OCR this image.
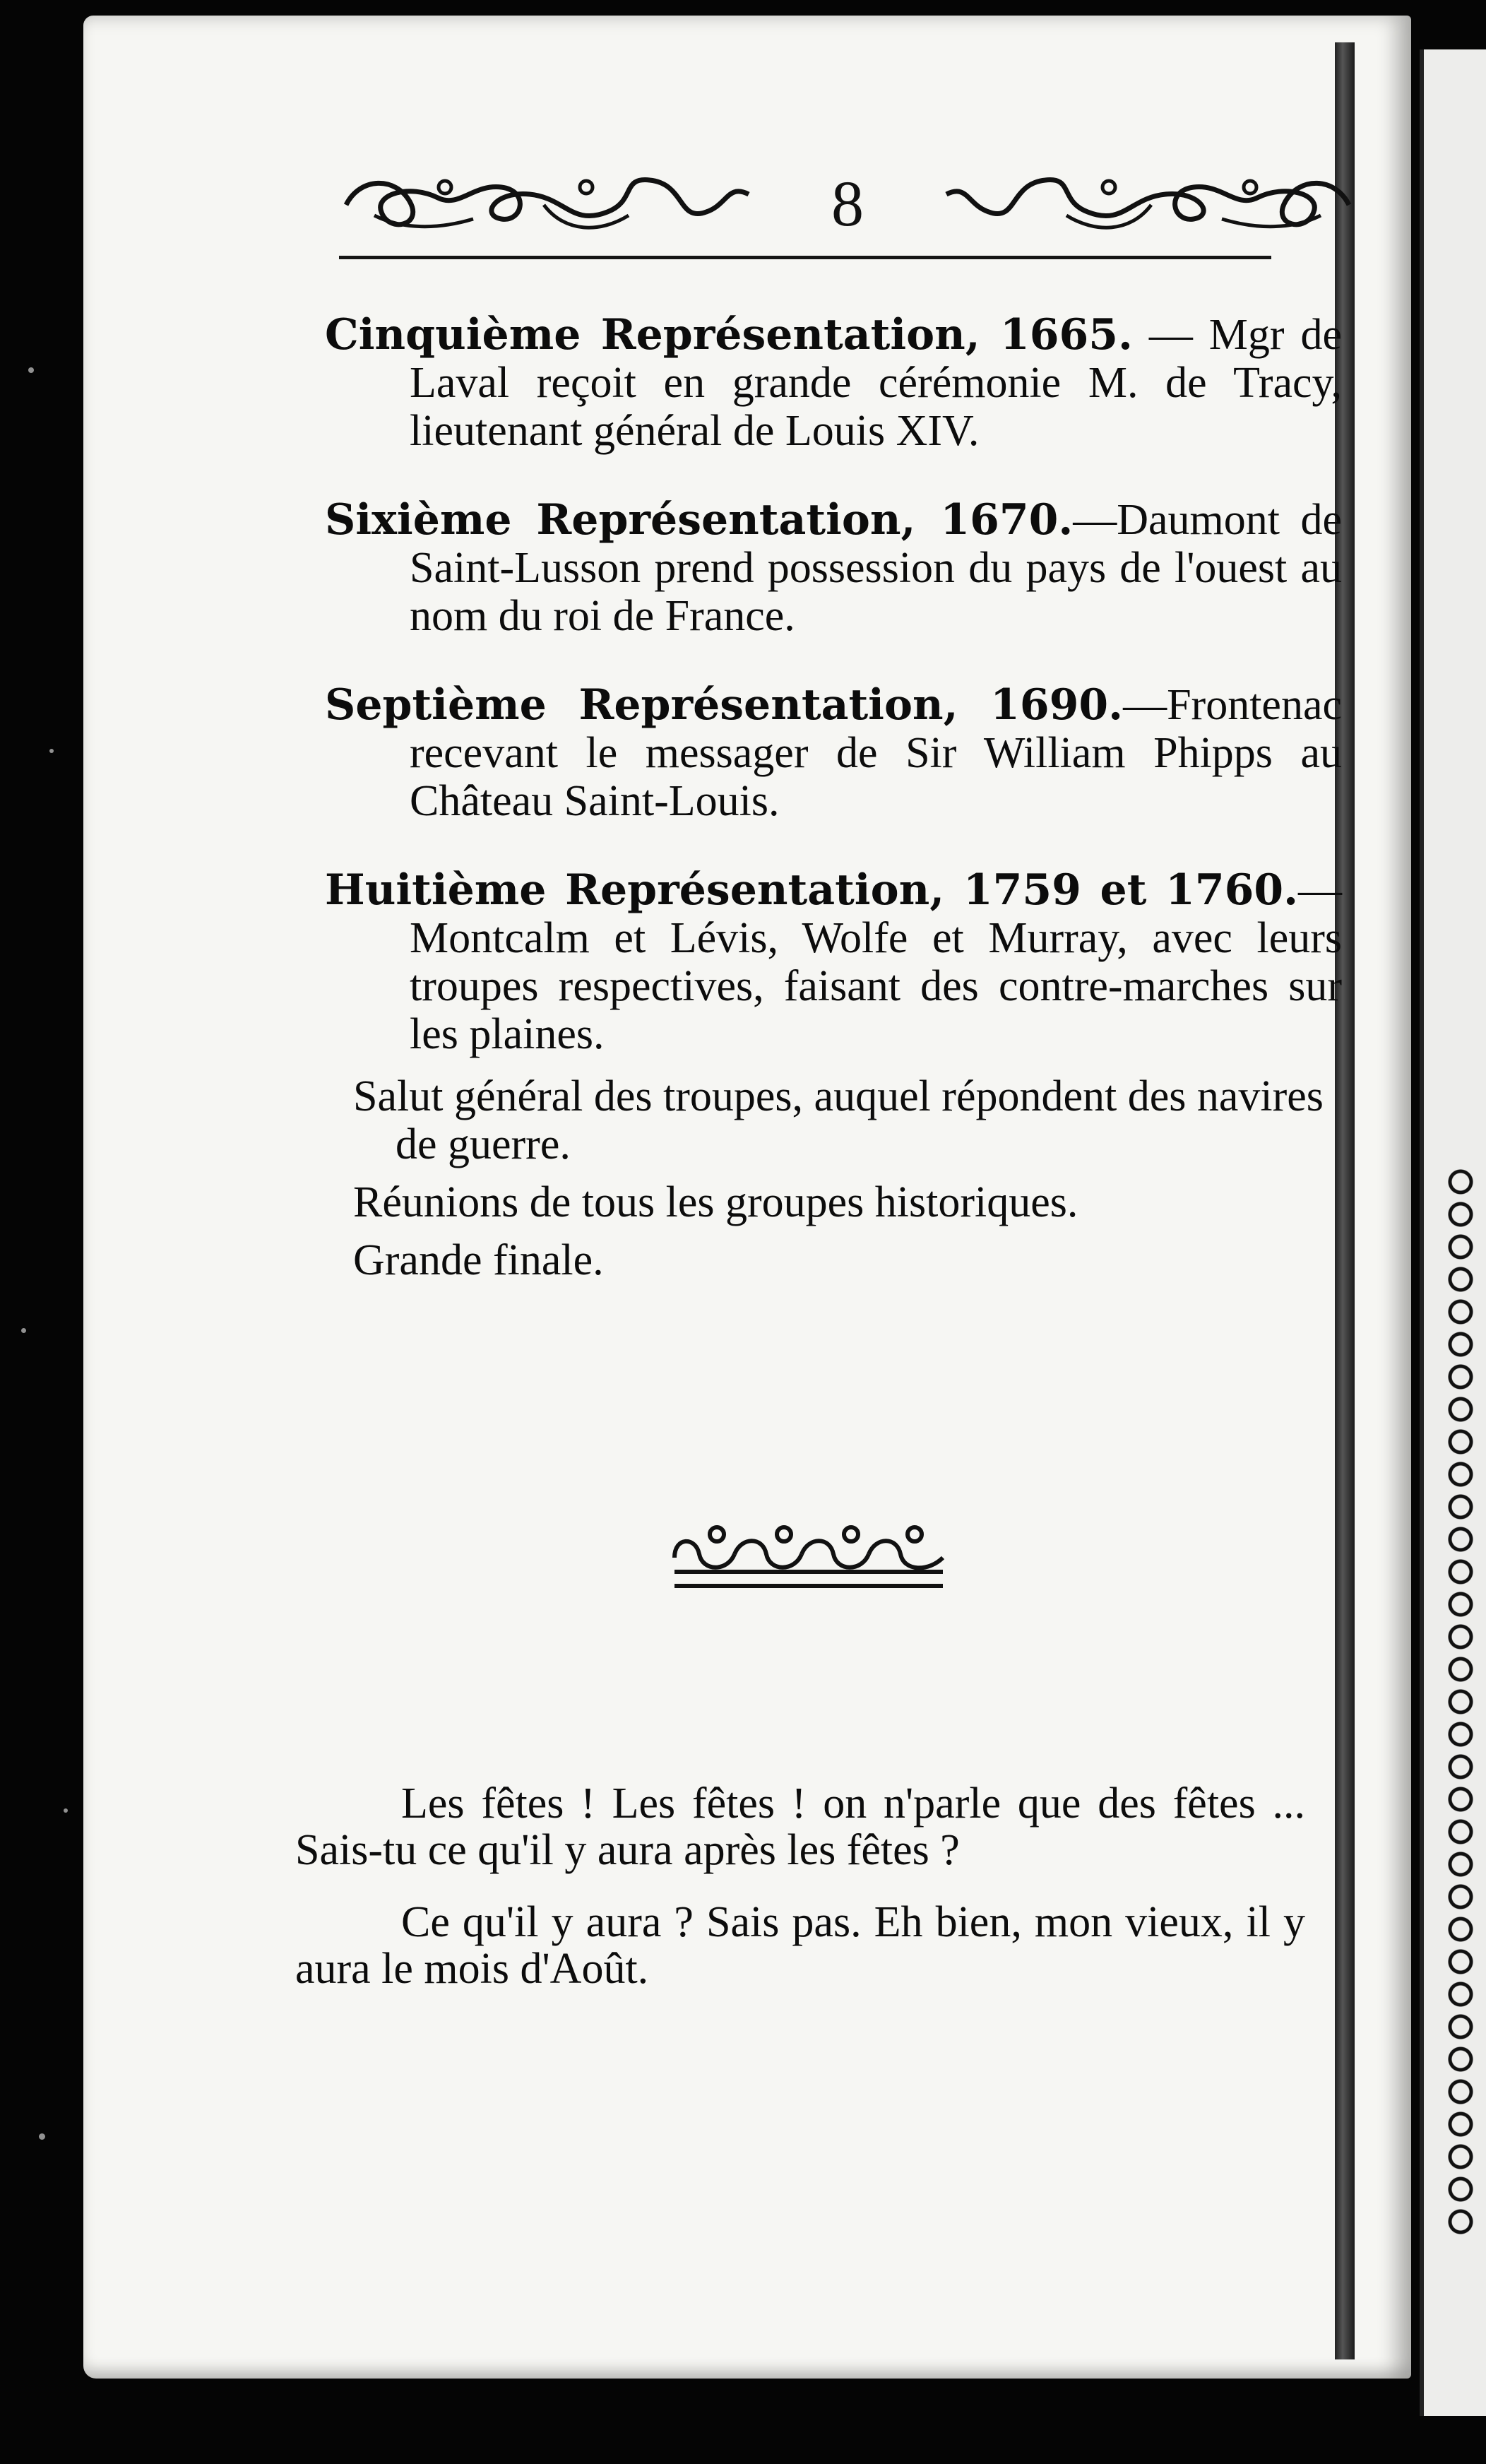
8

Cinquième Représentation, 1665. — Mgr de Laval reçoit en grande cérémonie M. de Tracy, lieutenant général de Louis XIV.

Sixième Représentation, 1670.—Daumont de Saint-Lusson prend possession du pays de l'ouest au nom du roi de France.

Septième Représentation, 1690.—Frontenac recevant le messager de Sir William Phipps au Château Saint-Louis.

Huitième Représentation, 1759 et 1760.— Montcalm et Lévis, Wolfe et Murray, avec leurs troupes respectives, faisant des contre-marches sur les plaines.

Salut général des troupes, auquel répondent des navires de guerre.

Réunions de tous les groupes historiques.

Grande finale.

Les fêtes ! Les fêtes ! on n'parle que des fêtes ... Sais-tu ce qu'il y aura après les fêtes ?

Ce qu'il y aura ? Sais pas. Eh bien, mon vieux, il y aura le mois d'Août.
